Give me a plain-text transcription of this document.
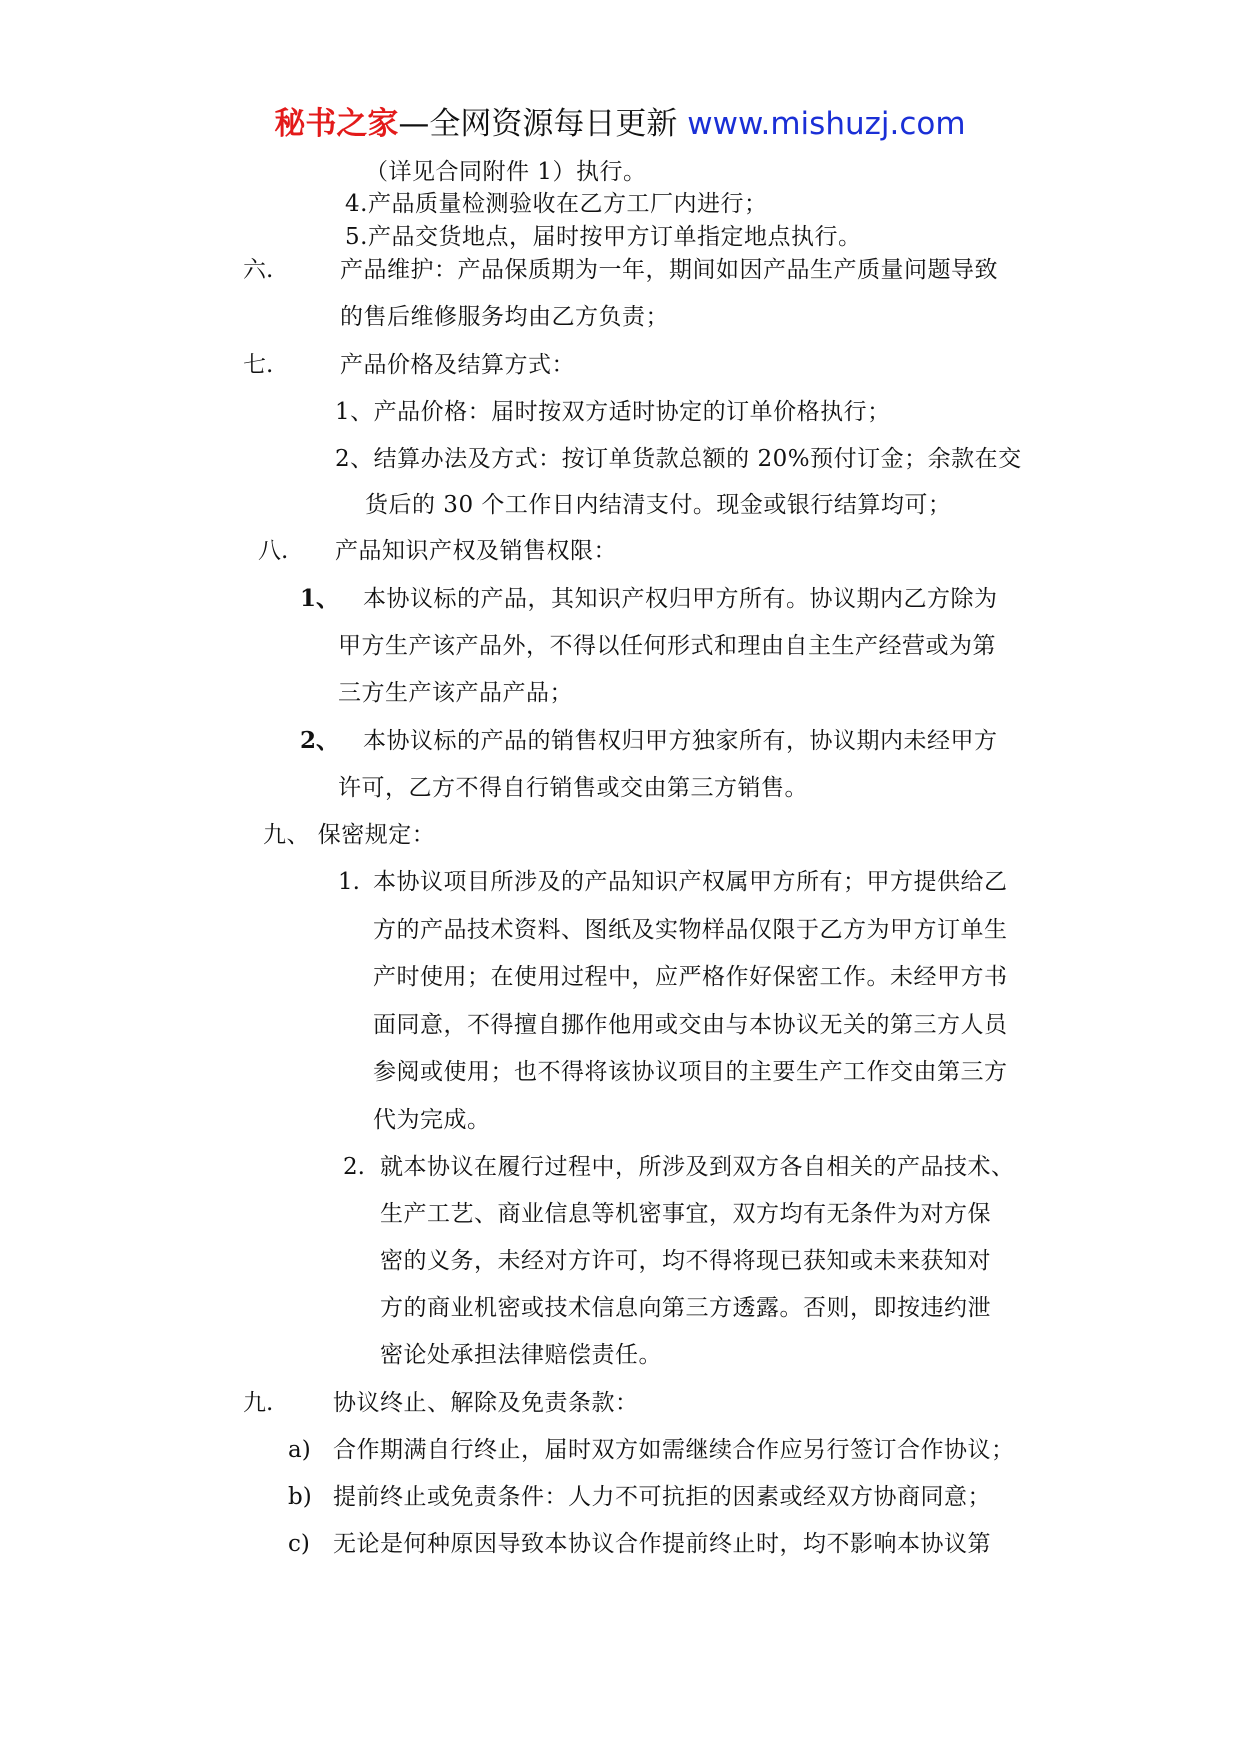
秘书之家—全网资源每日更新 www.mishuzj.com
（详见合同附件 1）执行。
4.产品质量检测验收在乙方工厂内进行；
5.产品交货地点，届时按甲方订单指定地点执行。
六.	产品维护：产品保质期为一年，期间如因产品生产质量问题导致
的售后维修服务均由乙方负责；
七.	产品价格及结算方式：
1、产品价格：届时按双方适时协定的订单价格执行；
2、结算办法及方式：按订单货款总额的 20%预付订金；余款在交
货后的 30 个工作日内结清支付。现金或银行结算均可；
八. 产品知识产权及销售权限：
1、 本协议标的产品，其知识产权归甲方所有。协议期内乙方除为
甲方生产该产品外，不得以任何形式和理由自主生产经营或为第
三方生产该产品产品；
2、 本协议标的产品的销售权归甲方独家所有，协议期内未经甲方
许可，乙方不得自行销售或交由第三方销售。
九、 保密规定：
1. 本协议项目所涉及的产品知识产权属甲方所有；甲方提供给乙
方的产品技术资料、图纸及实物样品仅限于乙方为甲方订单生
产时使用；在使用过程中，应严格作好保密工作。未经甲方书
面同意，不得擅自挪作他用或交由与本协议无关的第三方人员
参阅或使用；也不得将该协议项目的主要生产工作交由第三方
代为完成。
2. 就本协议在履行过程中，所涉及到双方各自相关的产品技术、
生产工艺、商业信息等机密事宜，双方均有无条件为对方保
密的义务，未经对方许可，均不得将现已获知或未来获知对
方的商业机密或技术信息向第三方透露。否则，即按违约泄
密论处承担法律赔偿责任。
九.	协议终止、解除及免责条款：
a) 合作期满自行终止，届时双方如需继续合作应另行签订合作协议；
b) 提前终止或免责条件：人力不可抗拒的因素或经双方协商同意；
c) 无论是何种原因导致本协议合作提前终止时，均不影响本协议第
